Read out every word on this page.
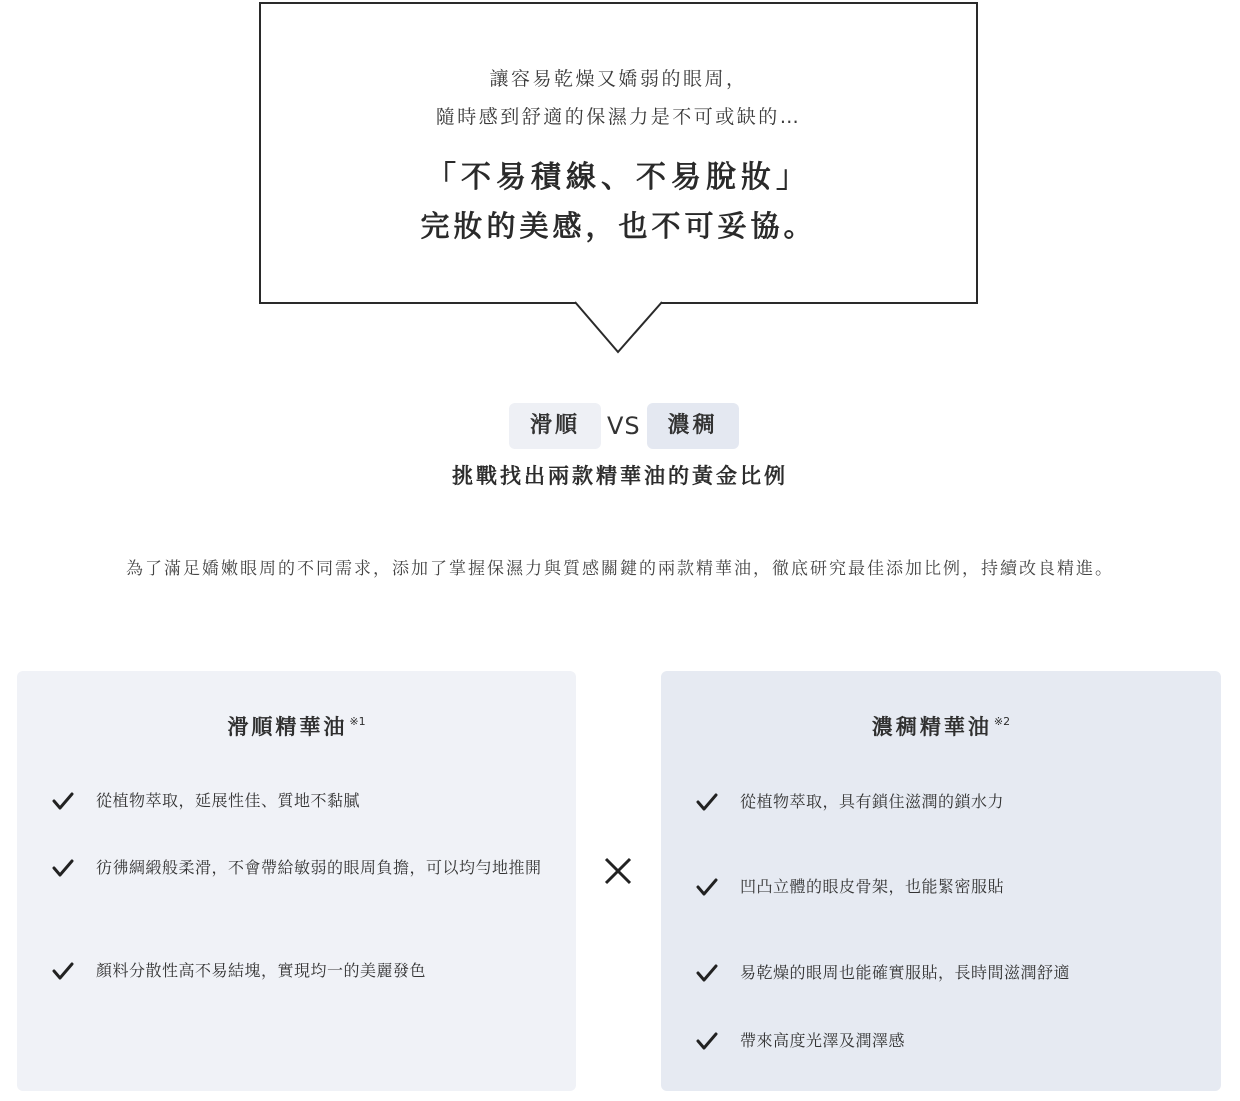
讓容易乾燥又嬌弱的眼周，
隨時感到舒適的保濕力是不可或缺的…
「不易積線、不易脫妝」
完妝的美感，也不可妥協。
滑順	VS	濃稠
挑戰找出兩款精華油的黃金比例
為了滿足嬌嫩眼周的不同需求，添加了掌握保濕力與質感關鍵的兩款精華油，徹底研究最佳添加比例，持續改良精進。
滑順精華油 $^{※1}$
從植物萃取，延展性佳、質地不黏膩
彷彿綢緞般柔滑，不會帶給敏弱的眼周負擔，可以均勻地推開
顏料分散性高不易結塊，實現均一的美麗發色
濃稠精華油 $^{※2}$
從植物萃取，具有鎖住滋潤的鎖水力
凹凸立體的眼皮骨架，也能緊密服貼
易乾燥的眼周也能確實服貼，長時間滋潤舒適
帶來高度光澤及潤澤感
